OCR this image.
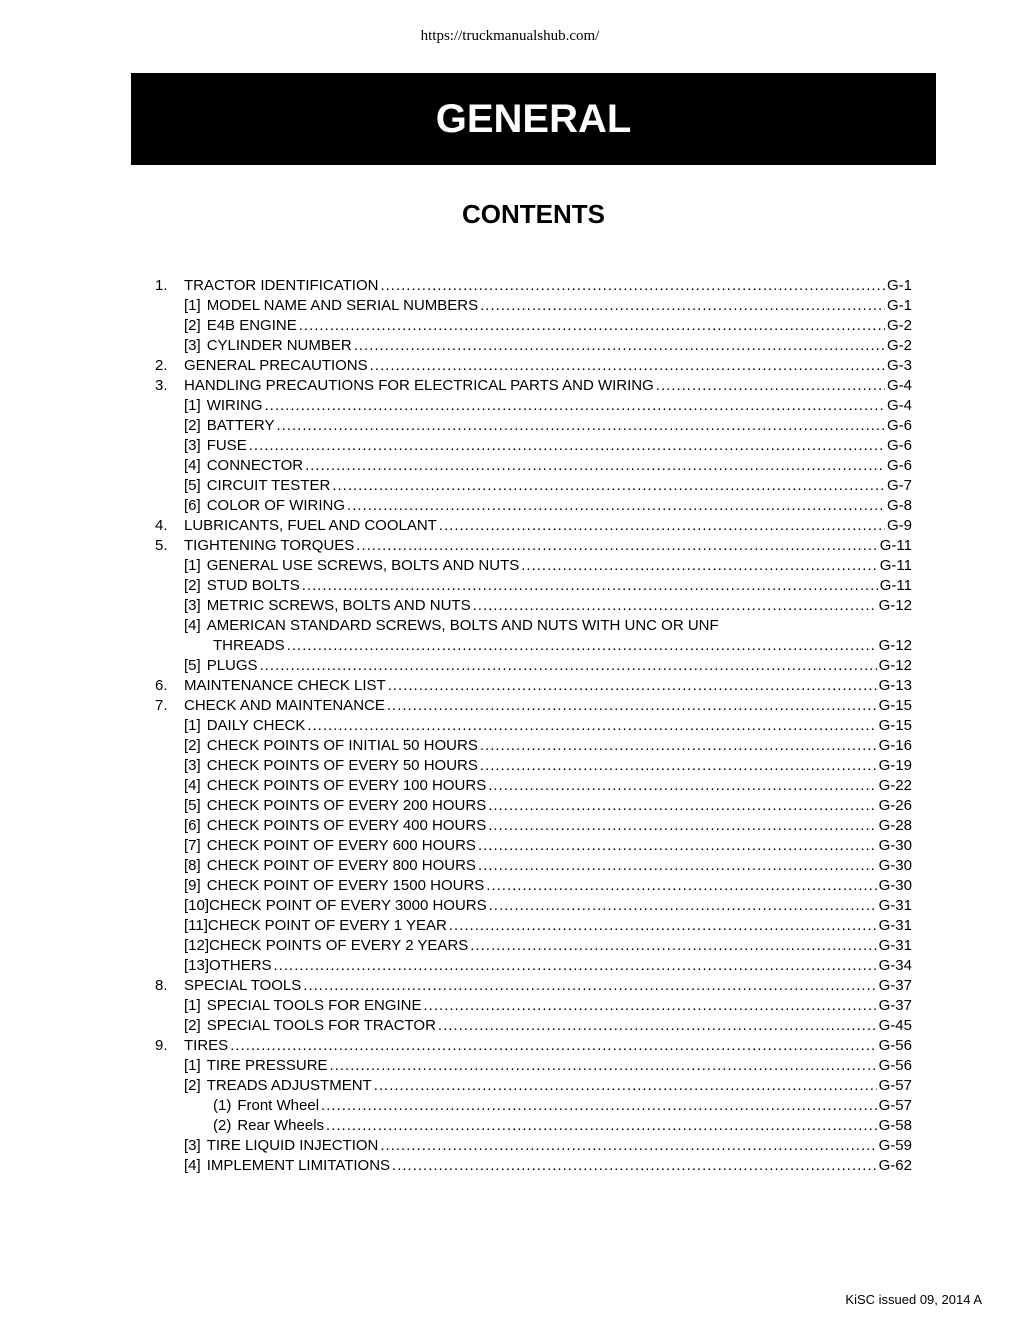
https://truckmanualshub.com/
GENERAL
CONTENTS
1.	TRACTOR IDENTIFICATION .....	G-1
[1] MODEL NAME AND SERIAL NUMBERS .....	G-1
[2] E4B ENGINE .....	G-2
[3] CYLINDER NUMBER .....	G-2
2.	GENERAL PRECAUTIONS .....	G-3
3.	HANDLING PRECAUTIONS FOR ELECTRICAL PARTS AND WIRING .....	G-4
[1] WIRING .....	G-4
[2] BATTERY .....	G-6
[3] FUSE .....	G-6
[4] CONNECTOR .....	G-6
[5] CIRCUIT TESTER .....	G-7
[6] COLOR OF WIRING .....	G-8
4.	LUBRICANTS, FUEL AND COOLANT .....	G-9
5.	TIGHTENING TORQUES .....	G-11
[1] GENERAL USE SCREWS, BOLTS AND NUTS .....	G-11
[2] STUD BOLTS .....	G-11
[3] METRIC SCREWS, BOLTS AND NUTS .....	G-12
[4] AMERICAN STANDARD SCREWS, BOLTS AND NUTS WITH UNC OR UNF
THREADS .....	G-12
[5] PLUGS .....	G-12
6.	MAINTENANCE CHECK LIST .....	G-13
7.	CHECK AND MAINTENANCE .....	G-15
[1] DAILY CHECK .....	G-15
[2] CHECK POINTS OF INITIAL 50 HOURS .....	G-16
[3] CHECK POINTS OF EVERY 50 HOURS .....	G-19
[4] CHECK POINTS OF EVERY 100 HOURS .....	G-22
[5] CHECK POINTS OF EVERY 200 HOURS .....	G-26
[6] CHECK POINTS OF EVERY 400 HOURS .....	G-28
[7] CHECK POINT OF EVERY 600 HOURS .....	G-30
[8] CHECK POINT OF EVERY 800 HOURS .....	G-30
[9] CHECK POINT OF EVERY 1500 HOURS .....	G-30
[10] CHECK POINT OF EVERY 3000 HOURS .....	G-31
[11] CHECK POINT OF EVERY 1 YEAR .....	G-31
[12] CHECK POINTS OF EVERY 2 YEARS .....	G-31
[13] OTHERS .....	G-34
8.	SPECIAL TOOLS .....	G-37
[1] SPECIAL TOOLS FOR ENGINE .....	G-37
[2] SPECIAL TOOLS FOR TRACTOR .....	G-45
9.	TIRES .....	G-56
[1] TIRE PRESSURE .....	G-56
[2] TREADS ADJUSTMENT .....	G-57
(1) Front Wheel .....	G-57
(2) Rear Wheels .....	G-58
[3] TIRE LIQUID INJECTION .....	G-59
[4] IMPLEMENT LIMITATIONS .....	G-62
KiSC issued 09, 2014 A
